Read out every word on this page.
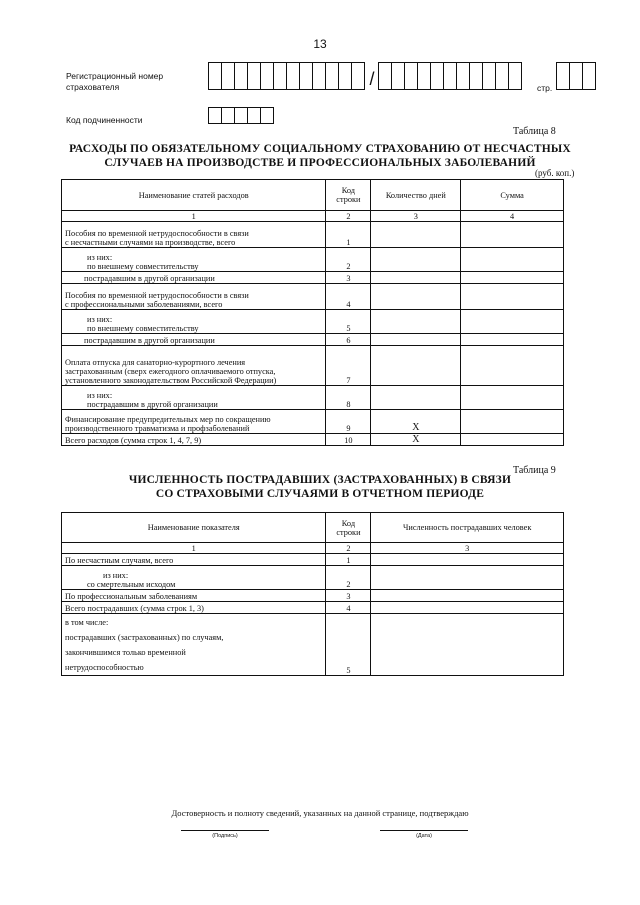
13
Регистрационный номер страхователя	/	стр.
Код подчиненности
Таблица 8
РАСХОДЫ ПО ОБЯЗАТЕЛЬНОМУ СОЦИАЛЬНОМУ СТРАХОВАНИЮ ОТ НЕСЧАСТНЫХ
СЛУЧАЕВ НА ПРОИЗВОДСТВЕ И ПРОФЕССИОНАЛЬНЫХ ЗАБОЛЕВАНИЙ
(руб. коп.)
Наименование статей расходов	Код строки	Количество дней	Сумма
1	2	3	4

Пособия по временной нетрудоспособности в связи
с несчастными случаями на производстве, всего	1		

из них:
по внешнему совместительству	2		
пострадавшим в другой организации	3		

Пособия по временной нетрудоспособности в связи
с профессиональными заболеваниями, всего	4		

из них:
по внешнему совместительству	5		
пострадавшим в другой организации	6		

Оплата отпуска для санаторно-курортного лечения
застрахованным (сверх ежегодного оплачиваемого отпуска,
установленного законодательством Российской Федерации)	7		

из них:
пострадавшим в другой организации	8		

Финансирование предупредительных мер по сокращению
производственного травматизма и профзаболеваний	9	X	
Всего расходов (сумма строк 1, 4, 7, 9)	10	X	
Таблица 9
ЧИСЛЕННОСТЬ ПОСТРАДАВШИХ (ЗАСТРАХОВАННЫХ) В СВЯЗИ
СО СТРАХОВЫМИ СЛУЧАЯМИ В ОТЧЕТНОМ ПЕРИОДЕ
Наименование показателя	Код строки	Численность пострадавших человек
1	2	3
По несчастным случаям, всего	1	

из них:
со смертельным исходом	2	
По профессиональным заболеваниям	3	
Всего пострадавших (сумма строк 1, 3)	4	

в том числе:
пострадавших (застрахованных) по случаям,
закончившимся только временной
нетрудоспособностью	5	
Достоверность и полноту сведений, указанных на данной странице, подтверждаю
(Подпись)	(Дата)
